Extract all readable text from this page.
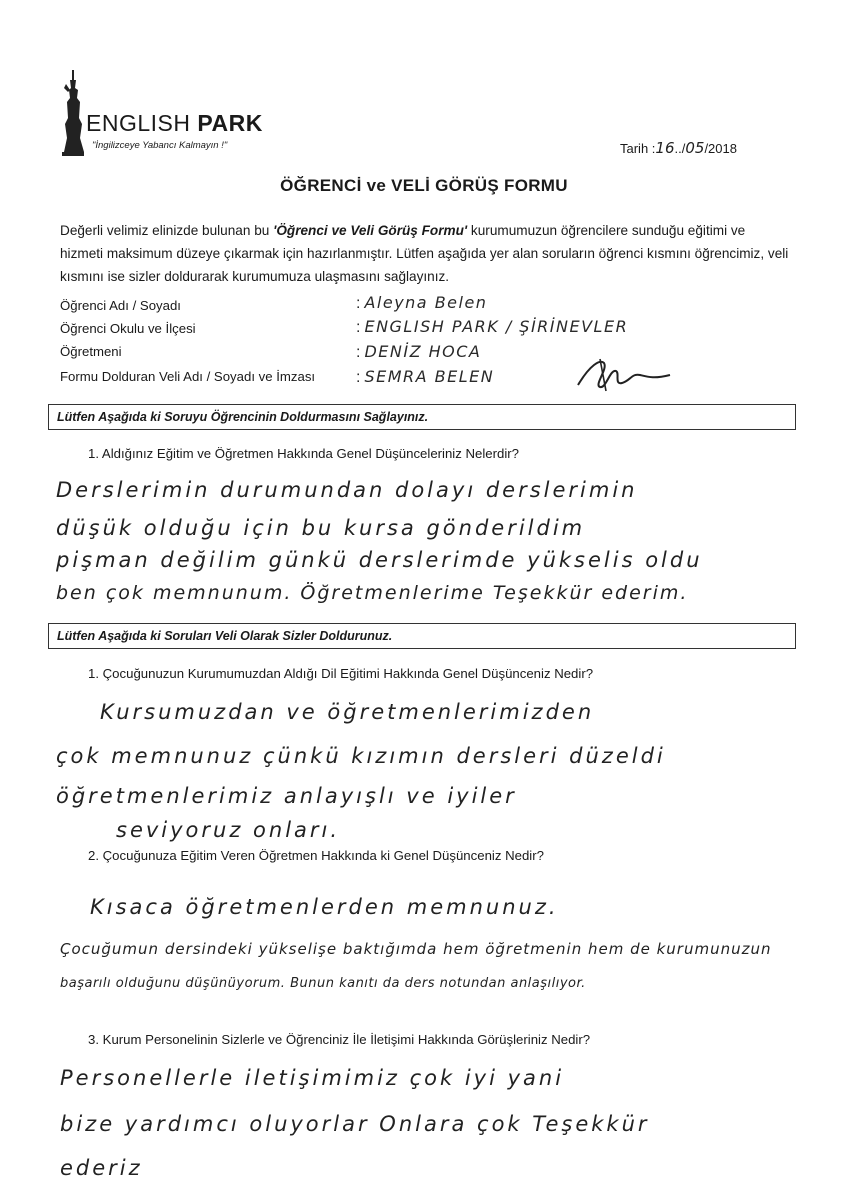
ENGLISH PARK
"İngilizceye Yabancı Kalmayın !"	Tarih :16../05/2018
ÖĞRENCİ ve VELİ GÖRÜŞ FORMU
Değerli velimiz elinizde bulunan bu 'Öğrenci ve Veli Görüş Formu' kurumumuzun öğrencilere sunduğu eğitimi ve hizmeti maksimum düzeye çıkarmak için hazırlanmıştır. Lütfen aşağıda yer alan soruların öğrenci kısmını öğrencimiz, veli kısmını ise sizler doldurarak kurumumuza ulaşmasını sağlayınız.
Öğrenci Adı / Soyadı	: Aleyna Belen
Öğrenci Okulu ve İlçesi	: ENGLISH PARK / ŞİRİNEVLER
Öğretmeni	: DENİZ HOCA
Formu Dolduran Veli Adı / Soyadı ve İmzası	: SEMRA BELEN
Lütfen Aşağıda ki Soruyu Öğrencinin Doldurmasını Sağlayınız.
1. Aldığınız Eğitim ve Öğretmen Hakkında Genel Düşünceleriniz Nelerdir?
Derslerimin durumundan dolayı derslerimin
düşük olduğu için bu kursa gönderildim
pişman değilim günkü derslerimde yükselis oldu
ben çok memnunum. Öğretmenlerime Teşekkür ederim.
Lütfen Aşağıda ki Soruları Veli Olarak Sizler Doldurunuz.
1. Çocuğunuzun Kurumumuzdan Aldığı Dil Eğitimi Hakkında Genel Düşünceniz Nedir?
Kursumuzdan ve öğretmenlerimizden
çok memnunuz çünkü kızımın dersleri düzeldi
öğretmenlerimiz anlayışlı ve iyiler
seviyoruz onları.
2. Çocuğunuza Eğitim Veren Öğretmen Hakkında ki Genel Düşünceniz Nedir?
Kısaca öğretmenlerden memnunuz.
Çocuğumun dersindeki yükselişe baktığımda hem öğretmenin hem de kurumunuzun
başarılı olduğunu düşünüyorum. Bunun kanıtı da ders notundan anlaşılıyor.
3. Kurum Personelinin Sizlerle ve Öğrenciniz İle İletişimi Hakkında Görüşleriniz Nedir?
Personellerle iletişimimiz çok iyi yani
bize yardımcı oluyorlar Onlara çok Teşekkür
ederiz
